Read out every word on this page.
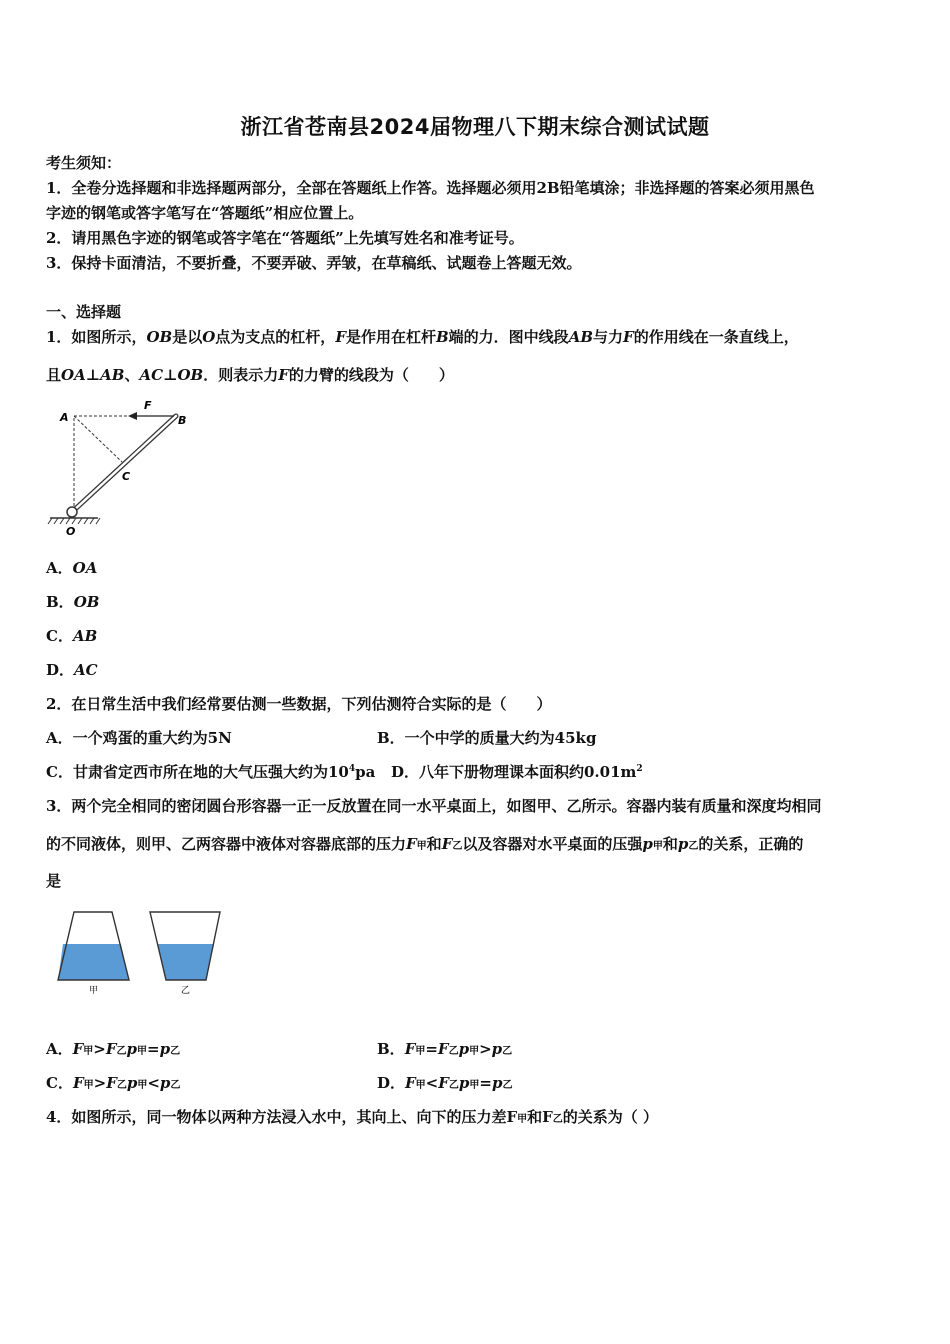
浙江省苍南县2024届物理八下期末综合测试试题
考生须知：
1．全卷分选择题和非选择题两部分，全部在答题纸上作答。选择题必须用2B铅笔填涂；非选择题的答案必须用黑色
字迹的钢笔或答字笔写在“答题纸”相应位置上。
2．请用黑色字迹的钢笔或答字笔在“答题纸”上先填写姓名和准考证号。
3．保持卡面清洁，不要折叠，不要弄破、弄皱，在草稿纸、试题卷上答题无效。
一、选择题
1．如图所示，OB是以O点为支点的杠杆，F是作用在杠杆B端的力．图中线段AB与力F的作用线在一条直线上，
且OA⊥AB、AC⊥OB．则表示力F的力臂的线段为（　　）
A	B
C
O
F
A．OA
B．OB
C．AB
D．AC
2．在日常生活中我们经常要估测一些数据，下列估测符合实际的是（　　）
A．一个鸡蛋的重大约为5N	B．一个中学的质量大约为45kg
C．甘肃省定西市所在地的大气压强大约为$10^4pa$ D．八年下册物理课本面积约$0.01m^2$
3．两个完全相同的密闭圆台形容器一正一反放置在同一水平桌面上，如图甲、乙所示。容器内装有质量和深度均相同
的不同液体，则甲、乙两容器中液体对容器底部的压力F甲和F乙以及容器对水平桌面的压强p甲和p乙的关系，正确的
是
甲	乙
A．F甲>F乙p甲=p乙	B．F甲=F乙p甲>p乙
C．F甲>F乙p甲<p乙	D．F甲<F乙p甲=p乙
4．如图所示，同一物体以两种方法浸入水中，其向上、向下的压力差F甲和F乙的关系为（ ）
